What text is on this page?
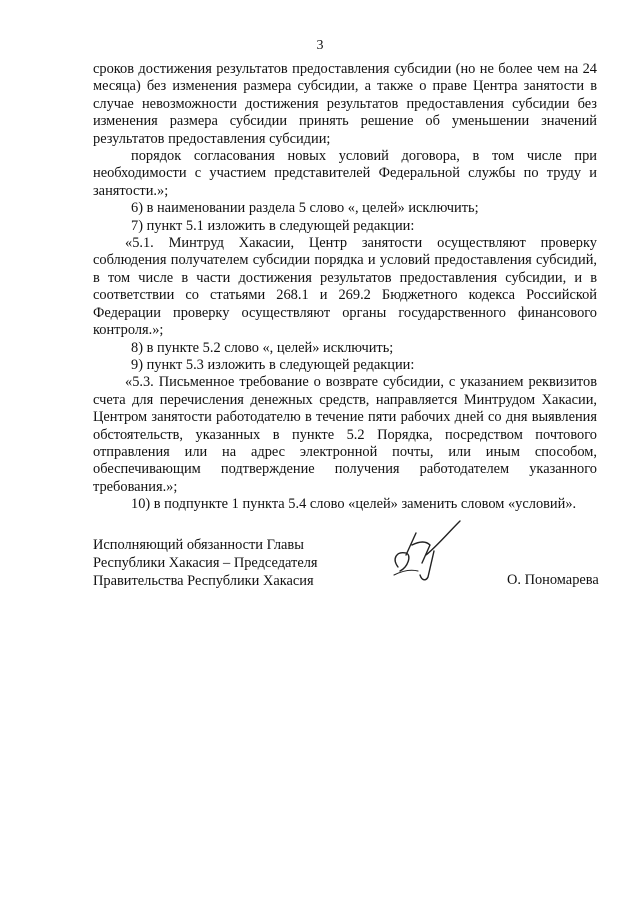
3

сроков достижения результатов предоставления субсидии (но не более чем на 24 месяца) без изменения размера субсидии, а также о праве Центра занятости в случае невозможности достижения результатов предоставления субсидии без изменения размера субсидии принять решение об уменьшении значений результатов предоставления субсидии;

порядок согласования новых условий договора, в том числе при необходимости с участием представителей Федеральной службы по труду и занятости.»;

6) в наименовании раздела 5 слово «, целей» исключить;

7) пункт 5.1 изложить в следующей редакции:

«5.1. Минтруд Хакасии, Центр занятости осуществляют проверку соблюдения получателем субсидии порядка и условий предоставления субсидий, в том числе в части достижения результатов предоставления субсидии, и в соответствии со статьями 268.1 и 269.2 Бюджетного кодекса Российской Федерации проверку осуществляют органы государственного финансового контроля.»;

8) в пункте 5.2 слово «, целей» исключить;

9) пункт 5.3 изложить в следующей редакции:

«5.3. Письменное требование о возврате субсидии, с указанием реквизитов счета для перечисления денежных средств, направляется Минтрудом Хакасии, Центром занятости работодателю в течение пяти рабочих дней со дня выявления обстоятельств, указанных в пункте 5.2 Порядка, посредством почтового отправления или на адрес электронной почты, или иным способом, обеспечивающим подтверждение получения работодателем указанного требования.»;

10) в подпункте 1 пункта 5.4 слово «целей» заменить словом «условий».

Исполняющий обязанности Главы
Республики Хакасия – Председателя
Правительства Республики Хакасия	О. Пономарева
